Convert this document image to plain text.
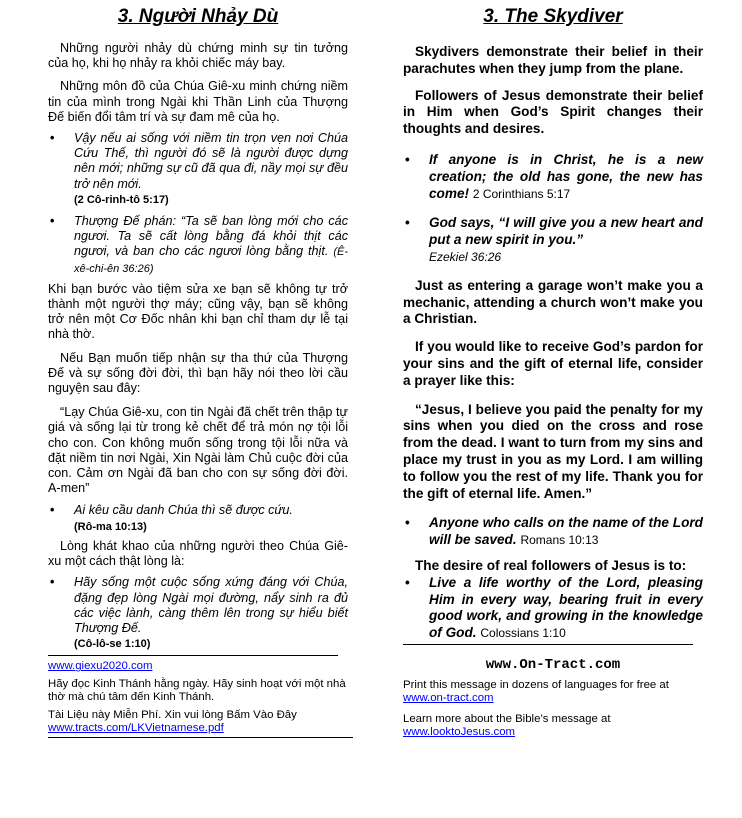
3. Người Nhảy Dù

Những người nhảy dù chứng minh sự tin tưởng của họ, khi họ nhảy ra khỏi chiếc máy bay.

Những môn đồ của Chúa Giê-xu minh chứng niềm tin của mình trong Ngài khi Thần Linh của Thượng Đế biến đổi tâm trí và sự đam mê của họ.

• Vậy nếu ai sống với niềm tin trọn vẹn nơi Chúa Cứu Thế, thì người đó sẽ là người được dựng nên mới; những sự cũ đã qua đi, nầy mọi sự đều trở nên mới.
(2 Cô-rinh-tô 5:17)
• Thượng Đế phán: “Ta sẽ ban lòng mới cho các ngươi. Ta sẽ cất lòng bằng đá khỏi thịt các ngươi, và ban cho các ngươi lòng bằng thịt. (Ê-xê-chi-ên 36:26)

Khi bạn bước vào tiệm sửa xe bạn sẽ không tự trở thành một người thợ máy; cũng vậy, bạn sẽ không trở nên một Cơ Đốc nhân khi bạn chỉ tham dự lễ tại nhà thờ.

Nếu Bạn muốn tiếp nhận sự tha thứ của Thượng Đế và sự sống đời đời, thì bạn hãy nói theo lời cầu nguyện sau đây:

“Lạy Chúa Giê-xu, con tin Ngài đã chết trên thập tự giá và sống lại từ trong kẻ chết để trả món nợ tội lỗi cho con. Con không muốn sống trong tội lỗi nữa và đặt niềm tin nơi Ngài, Xin Ngài làm Chủ cuộc đời của con. Cảm ơn Ngài đã ban cho con sự sống đời đời. A-men”

• Ai kêu cầu danh Chúa thì sẽ được cứu.
(Rô-ma 10:13)

Lòng khát khao của những người theo Chúa Giê-xu một cách thật lòng là:

• Hãy sống một cuộc sống xứng đáng với Chúa, đặng đẹp lòng Ngài mọi đường, nẩy sinh ra đủ các việc lành, càng thêm lên trong sự hiểu biết Thượng Đế.
(Cô-lô-se 1:10)
www.giexu2020.com

Hãy đọc Kinh Thánh hằng ngày. Hãy sinh hoạt với một nhà thờ mà chú tâm đến Kinh Thánh.

Tài Liệu này Miễn Phí. Xin vui lòng Bấm Vào Đây
www.tracts.com/LKVietnamese.pdf
3. The Skydiver

Skydivers demonstrate their belief in their parachutes when they jump from the plane.

Followers of Jesus demonstrate their belief in Him when God’s Spirit changes their thoughts and desires.

• If anyone is in Christ, he is a new creation; the old has gone, the new has come! 2 Corinthians 5:17
• God says, “I will give you a new heart and put a new spirit in you.”
Ezekiel 36:26

Just as entering a garage won’t make you a mechanic, attending a church won’t make you a Christian.

If you would like to receive God’s pardon for your sins and the gift of eternal life, consider a prayer like this:

“Jesus, I believe you paid the penalty for my sins when you died on the cross and rose from the dead. I want to turn from my sins and place my trust in you as my Lord. I am willing to follow you the rest of my life. Thank you for the gift of eternal life. Amen.”

• Anyone who calls on the name of the Lord will be saved. Romans 10:13

The desire of real followers of Jesus is to:

• Live a life worthy of the Lord, pleasing Him in every way, bearing fruit in every good work, and growing in the knowledge of God. Colossians 1:10
www.On-Tract.com
Print this message in dozens of languages for free at
www.on-tract.com
Learn more about the Bible’s message at
www.looktoJesus.com
